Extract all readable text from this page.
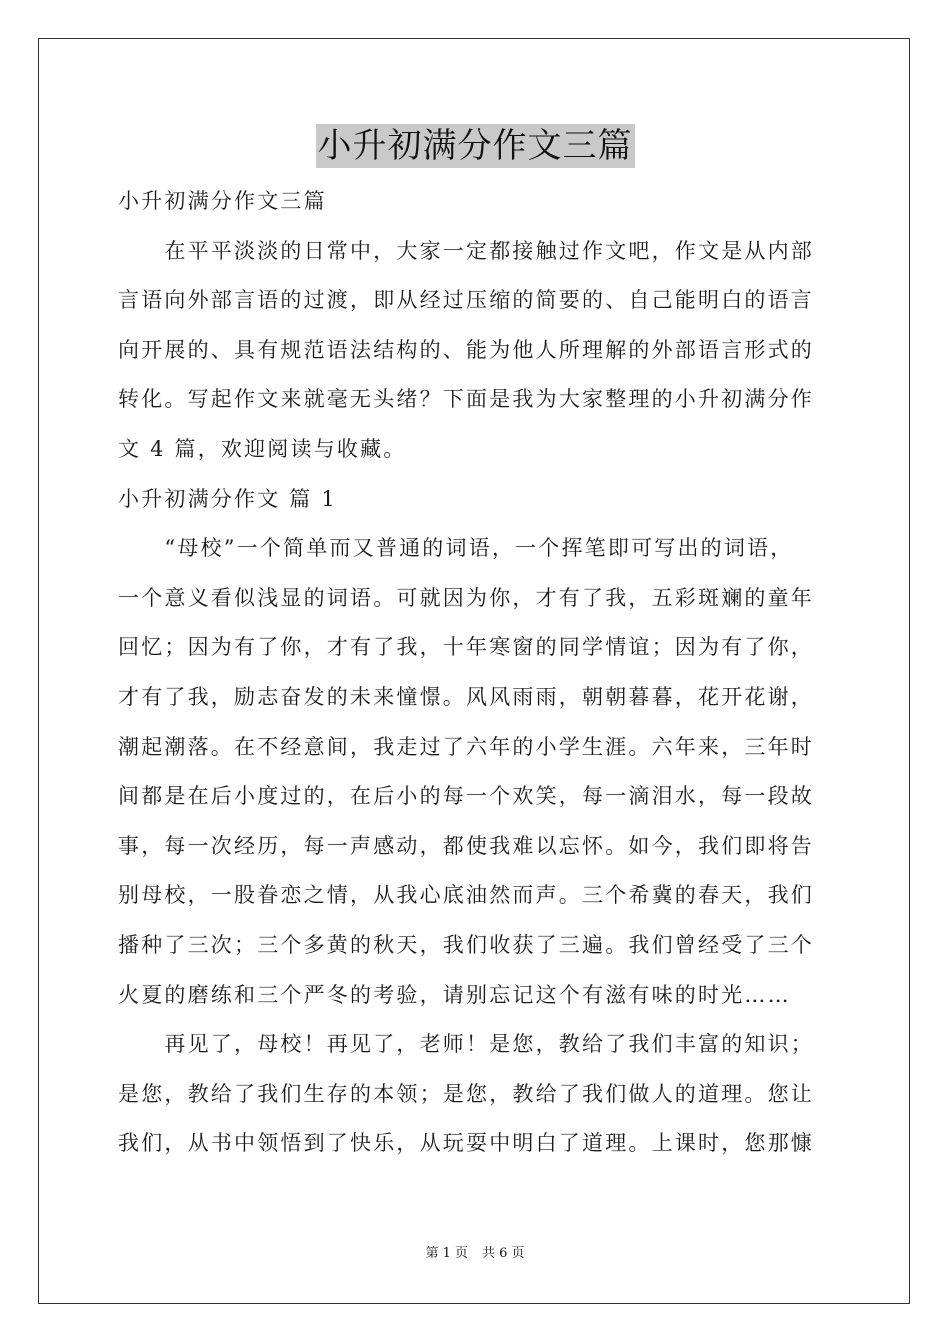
小升初满分作文三篇
小升初满分作文三篇
　　在平平淡淡的日常中，大家一定都接触过作文吧，作文是从内部
言语向外部言语的过渡，即从经过压缩的简要的、自己能明白的语言
向开展的、具有规范语法结构的、能为他人所理解的外部语言形式的
转化。写起作文来就毫无头绪？下面是我为大家整理的小升初满分作
文 4 篇，欢迎阅读与收藏。
小升初满分作文 篇 1
　　“母校”一个简单而又普通的词语，一个挥笔即可写出的词语，
一个意义看似浅显的词语。可就因为你，才有了我，五彩斑斓的童年
回忆；因为有了你，才有了我，十年寒窗的同学情谊；因为有了你，
才有了我，励志奋发的未来憧憬。风风雨雨，朝朝暮暮，花开花谢，
潮起潮落。在不经意间，我走过了六年的小学生涯。六年来，三年时
间都是在后小度过的，在后小的每一个欢笑，每一滴泪水，每一段故
事，每一次经历，每一声感动，都使我难以忘怀。如今，我们即将告
别母校，一股眷恋之情，从我心底油然而声。三个希冀的春天，我们
播种了三次；三个多黄的秋天，我们收获了三遍。我们曾经受了三个
火夏的磨练和三个严冬的考验，请别忘记这个有滋有味的时光……
　　再见了，母校！再见了，老师！是您，教给了我们丰富的知识；
是您，教给了我们生存的本领；是您，教给了我们做人的道理。您让
我们，从书中领悟到了快乐，从玩耍中明白了道理。上课时，您那慷
第 1 页 共 6 页
